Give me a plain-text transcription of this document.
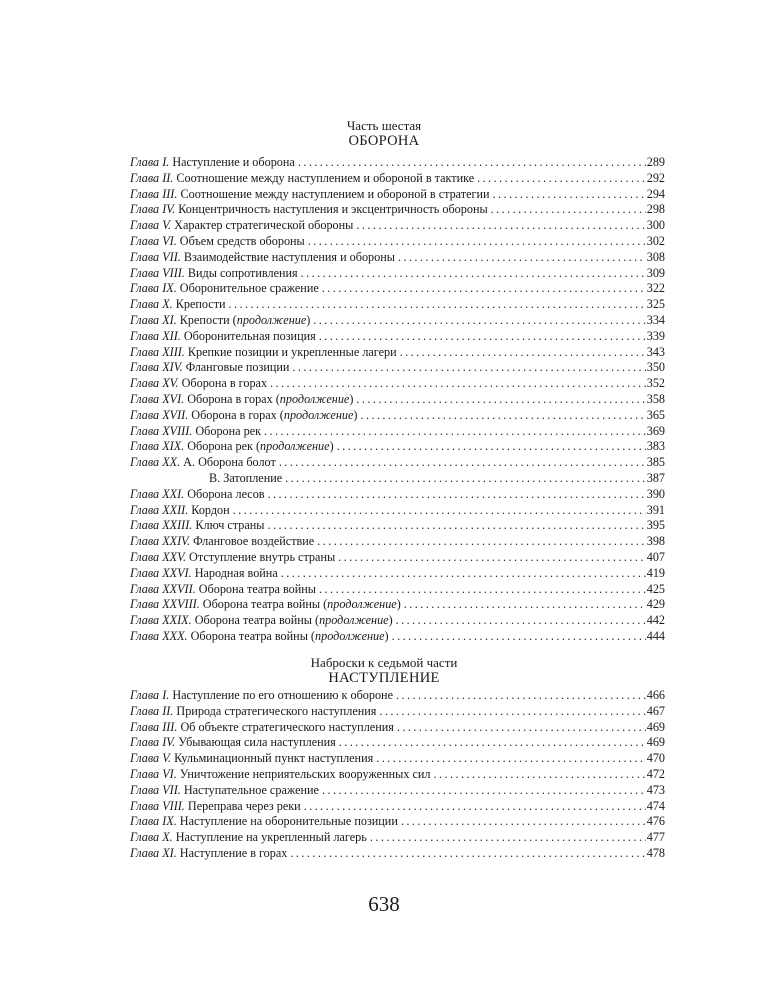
Часть шестая
ОБОРОНА
Глава I. Наступление и оборона . . .	289
Глава II. Соотношение между наступлением и обороной в тактике . . .	292
Глава III. Соотношение между наступлением и обороной в стратегии . . .	294
Глава IV. Концентричность наступления и эксцентричность обороны . . .	298
Глава V. Характер стратегической обороны . . .	300
Глава VI. Объем средств обороны . . .	302
Глава VII. Взаимодействие наступления и обороны . . .	308
Глава VIII. Виды сопротивления . . .	309
Глава IX. Оборонительное сражение . . .	322
Глава X. Крепости . . .	325
Глава XI. Крепости (продолжение) . . .	334
Глава XII. Оборонительная позиция . . .	339
Глава XIII. Крепкие позиции и укрепленные лагери . . .	343
Глава XIV. Фланговые позиции . . .	350
Глава XV. Оборона в горах . . .	352
Глава XVI. Оборона в горах (продолжение) . . .	358
Глава XVII. Оборона в горах (продолжение) . . .	365
Глава XVIII. Оборона рек . . .	369
Глава XIX. Оборона рек (продолжение) . . .	383
Глава XX. А. Оборона болот . . .	385
В. Затопление . . .	387
Глава XXI. Оборона лесов . . .	390
Глава XXII. Кордон . . .	391
Глава XXIII. Ключ страны . . .	395
Глава XXIV. Фланговое воздействие . . .	398
Глава XXV. Отступление внутрь страны . . .	407
Глава XXVI. Народная война . . .	419
Глава XXVII. Оборона театра войны . . .	425
Глава XXVIII. Оборона театра войны (продолжение) . . .	429
Глава XXIX. Оборона театра войны (продолжение) . . .	442
Глава XXX. Оборона театра войны (продолжение) . . .	444
Наброски к седьмой части
НАСТУПЛЕНИЕ
Глава I. Наступление по его отношению к обороне . . .	466
Глава II. Природа стратегического наступления . . .	467
Глава III. Об объекте стратегического наступления . . .	469
Глава IV. Убывающая сила наступления . . .	469
Глава V. Кульминационный пункт наступления . . .	470
Глава VI. Уничтожение неприятельских вооруженных сил . . .	472
Глава VII. Наступательное сражение . . .	473
Глава VIII. Переправа через реки . . .	474
Глава IX. Наступление на оборонительные позиции . . .	476
Глава X. Наступление на укрепленный лагерь . . .	477
Глава XI. Наступление в горах . . .	478
638
